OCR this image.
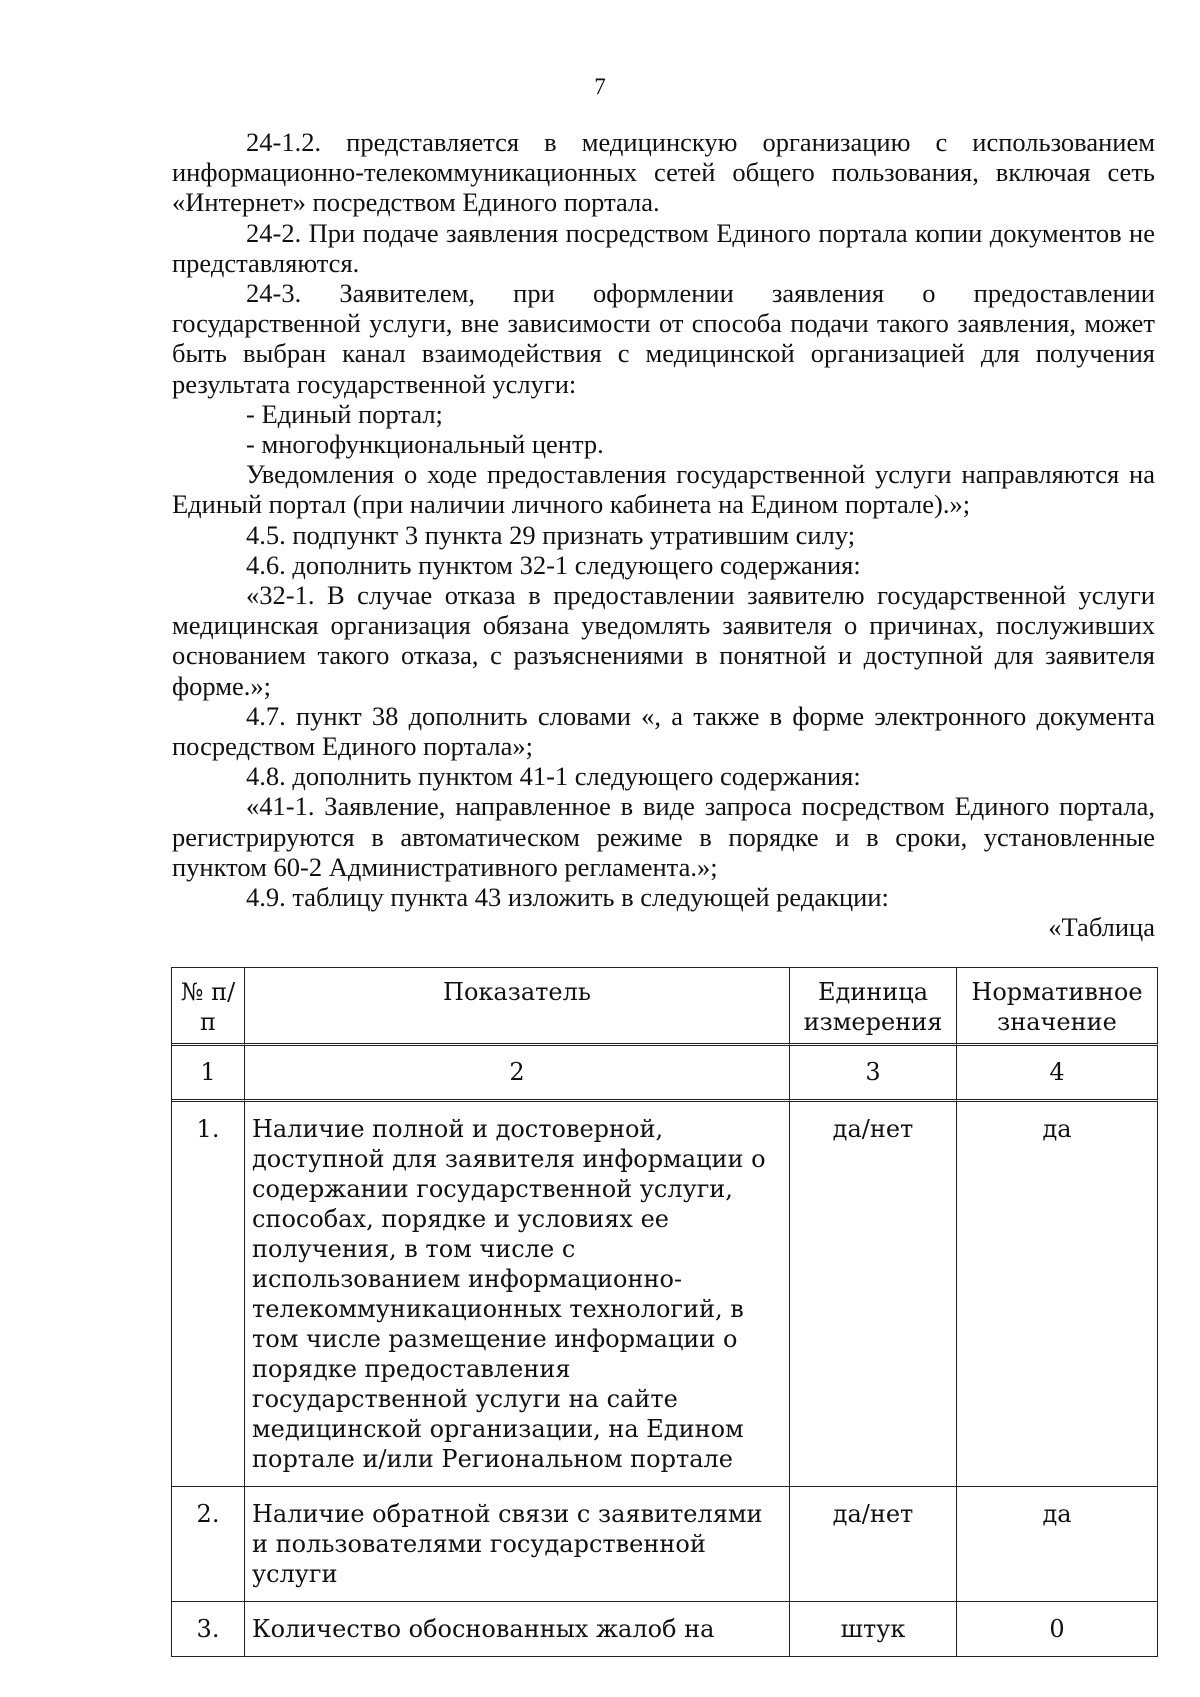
7

24-1.2. представляется в медицинскую организацию с использованием информационно-телекоммуникационных сетей общего пользования, включая сеть «Интернет» посредством Единого портала.

24-2. При подаче заявления посредством Единого портала копии документов не представляются.

24-3. Заявителем, при оформлении заявления о предоставлении государственной услуги, вне зависимости от способа подачи такого заявления, может быть выбран канал взаимодействия с медицинской организацией для получения результата государственной услуги:

- Единый портал;

- многофункциональный центр.

Уведомления о ходе предоставления государственной услуги направляются на Единый портал (при наличии личного кабинета на Едином портале).»;

4.5. подпункт 3 пункта 29 признать утратившим силу;

4.6. дополнить пунктом 32-1 следующего содержания:

«32-1. В случае отказа в предоставлении заявителю государственной услуги медицинская организация обязана уведомлять заявителя о причинах, послуживших основанием такого отказа, с разъяснениями в понятной и доступной для заявителя форме.»;

4.7. пункт 38 дополнить словами «, а также в форме электронного документа посредством Единого портала»;

4.8. дополнить пунктом 41-1 следующего содержания:

«41-1. Заявление, направленное в виде запроса посредством Единого портала, регистрируются в автоматическом режиме в порядке и в сроки, установленные пунктом 60-2 Административного регламента.»;

4.9. таблицу пункта 43 изложить в следующей редакции:

«Таблица

№ п/п	Показатель	Единица измерения	Нормативное значение
1	2	3	4
1.	Наличие полной и достоверной, доступной для заявителя информации о содержании государственной услуги, способах, порядке и условиях ее получения, в том числе с использованием информационно-телекоммуникационных технологий, в том числе размещение информации о порядке предоставления государственной услуги на сайте медицинской организации, на Едином портале и/или Региональном портале	да/нет	да
2.	Наличие обратной связи с заявителями и пользователями государственной услуги	да/нет	да
3.	Количество обоснованных жалоб на	штук	0
